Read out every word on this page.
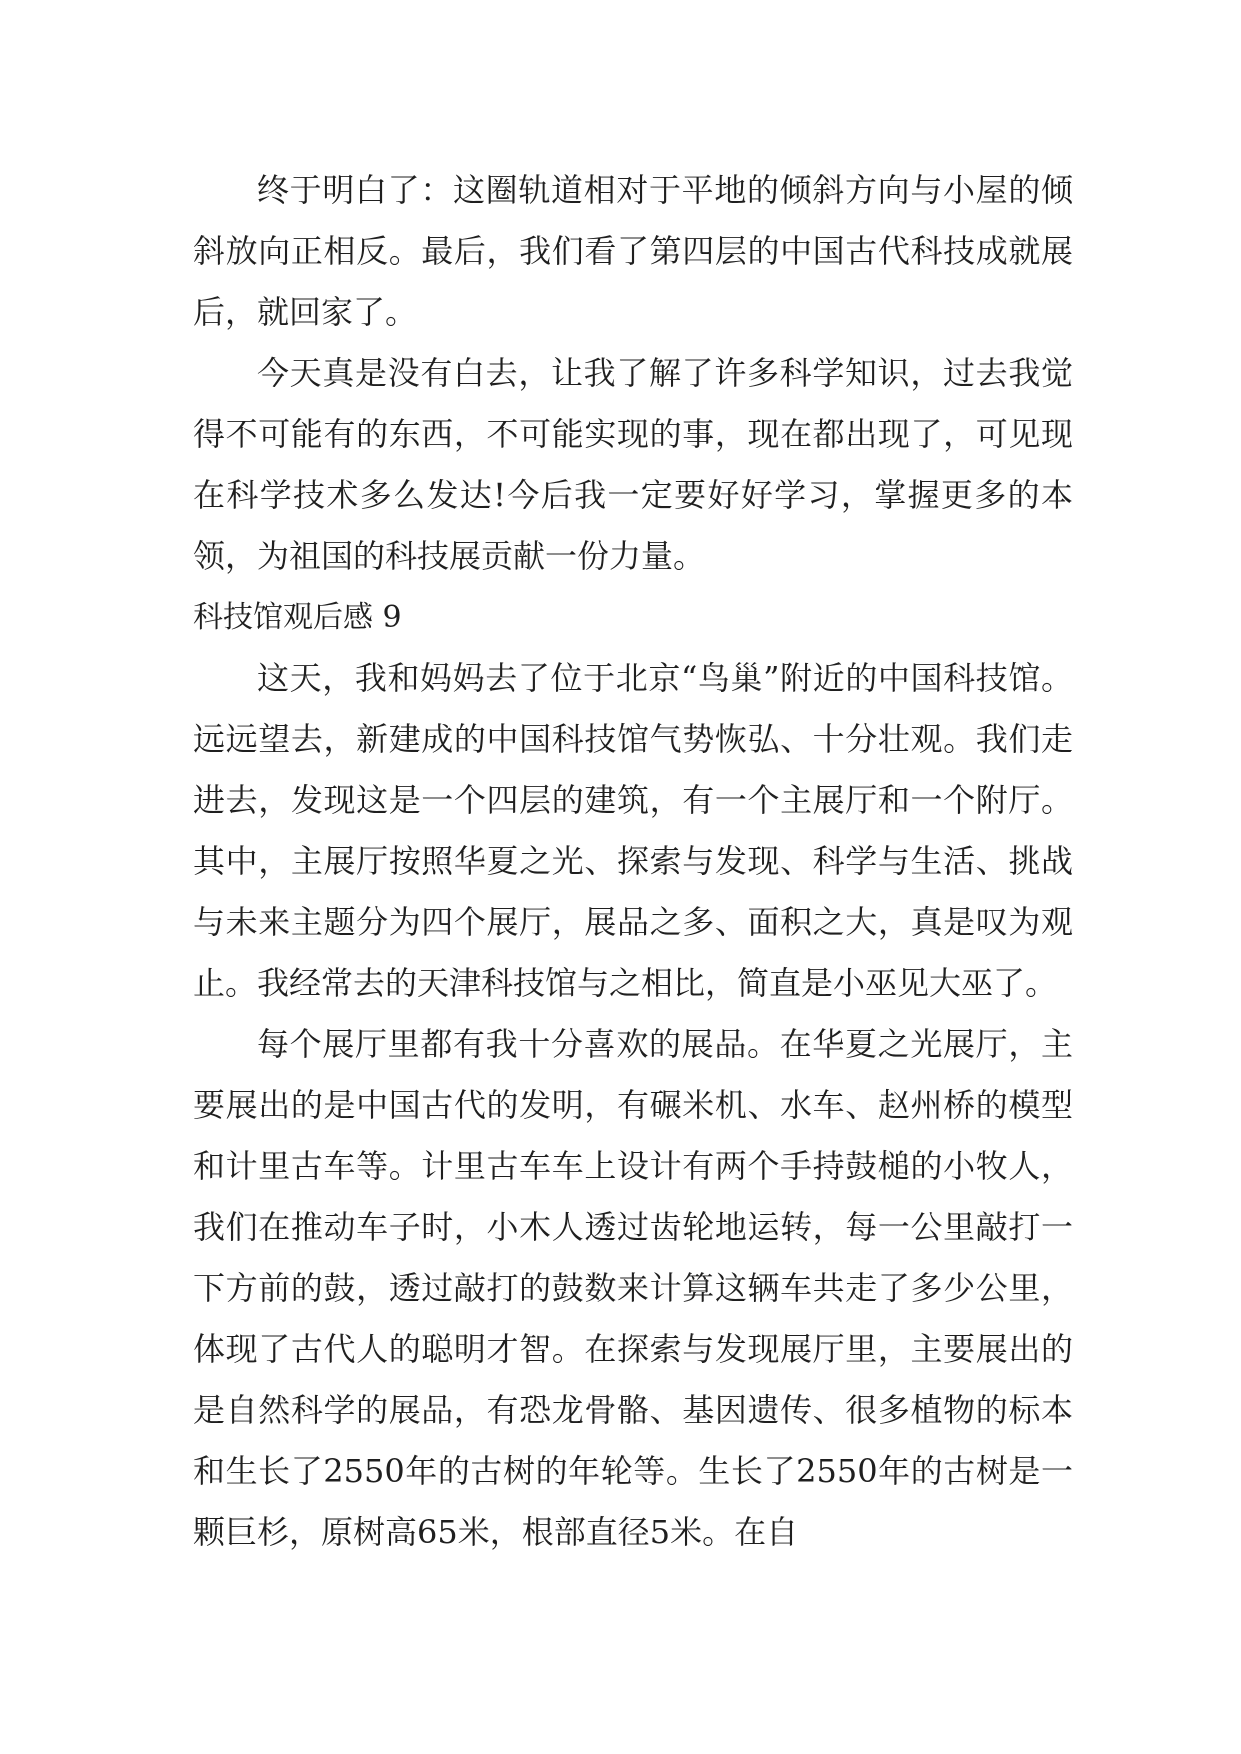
终于明白了：这圈轨道相对于平地的倾斜方向与小屋的倾斜放向正相反。最后，我们看了第四层的中国古代科技成就展后，就回家了。

今天真是没有白去，让我了解了许多科学知识，过去我觉得不可能有的东西，不可能实现的事，现在都出现了，可见现在科学技术多么发达!今后我一定要好好学习，掌握更多的本领，为祖国的科技展贡献一份力量。

科技馆观后感 9

这天，我和妈妈去了位于北京“鸟巢”附近的中国科技馆。远远望去，新建成的中国科技馆气势恢弘、十分壮观。我们走进去，发现这是一个四层的建筑，有一个主展厅和一个附厅。其中，主展厅按照华夏之光、探索与发现、科学与生活、挑战与未来主题分为四个展厅，展品之多、面积之大，真是叹为观止。我经常去的天津科技馆与之相比，简直是小巫见大巫了。

每个展厅里都有我十分喜欢的展品。在华夏之光展厅，主要展出的是中国古代的发明，有碾米机、水车、赵州桥的模型和计里古车等。计里古车车上设计有两个手持鼓槌的小牧人，我们在推动车子时，小木人透过齿轮地运转，每一公里敲打一下方前的鼓，透过敲打的鼓数来计算这辆车共走了多少公里，体现了古代人的聪明才智。在探索与发现展厅里，主要展出的是自然科学的展品，有恐龙骨骼、基因遗传、很多植物的标本和生长了2550年的古树的年轮等。生长了2550年的古树是一颗巨杉，原树高65米，根部直径5米。在自
